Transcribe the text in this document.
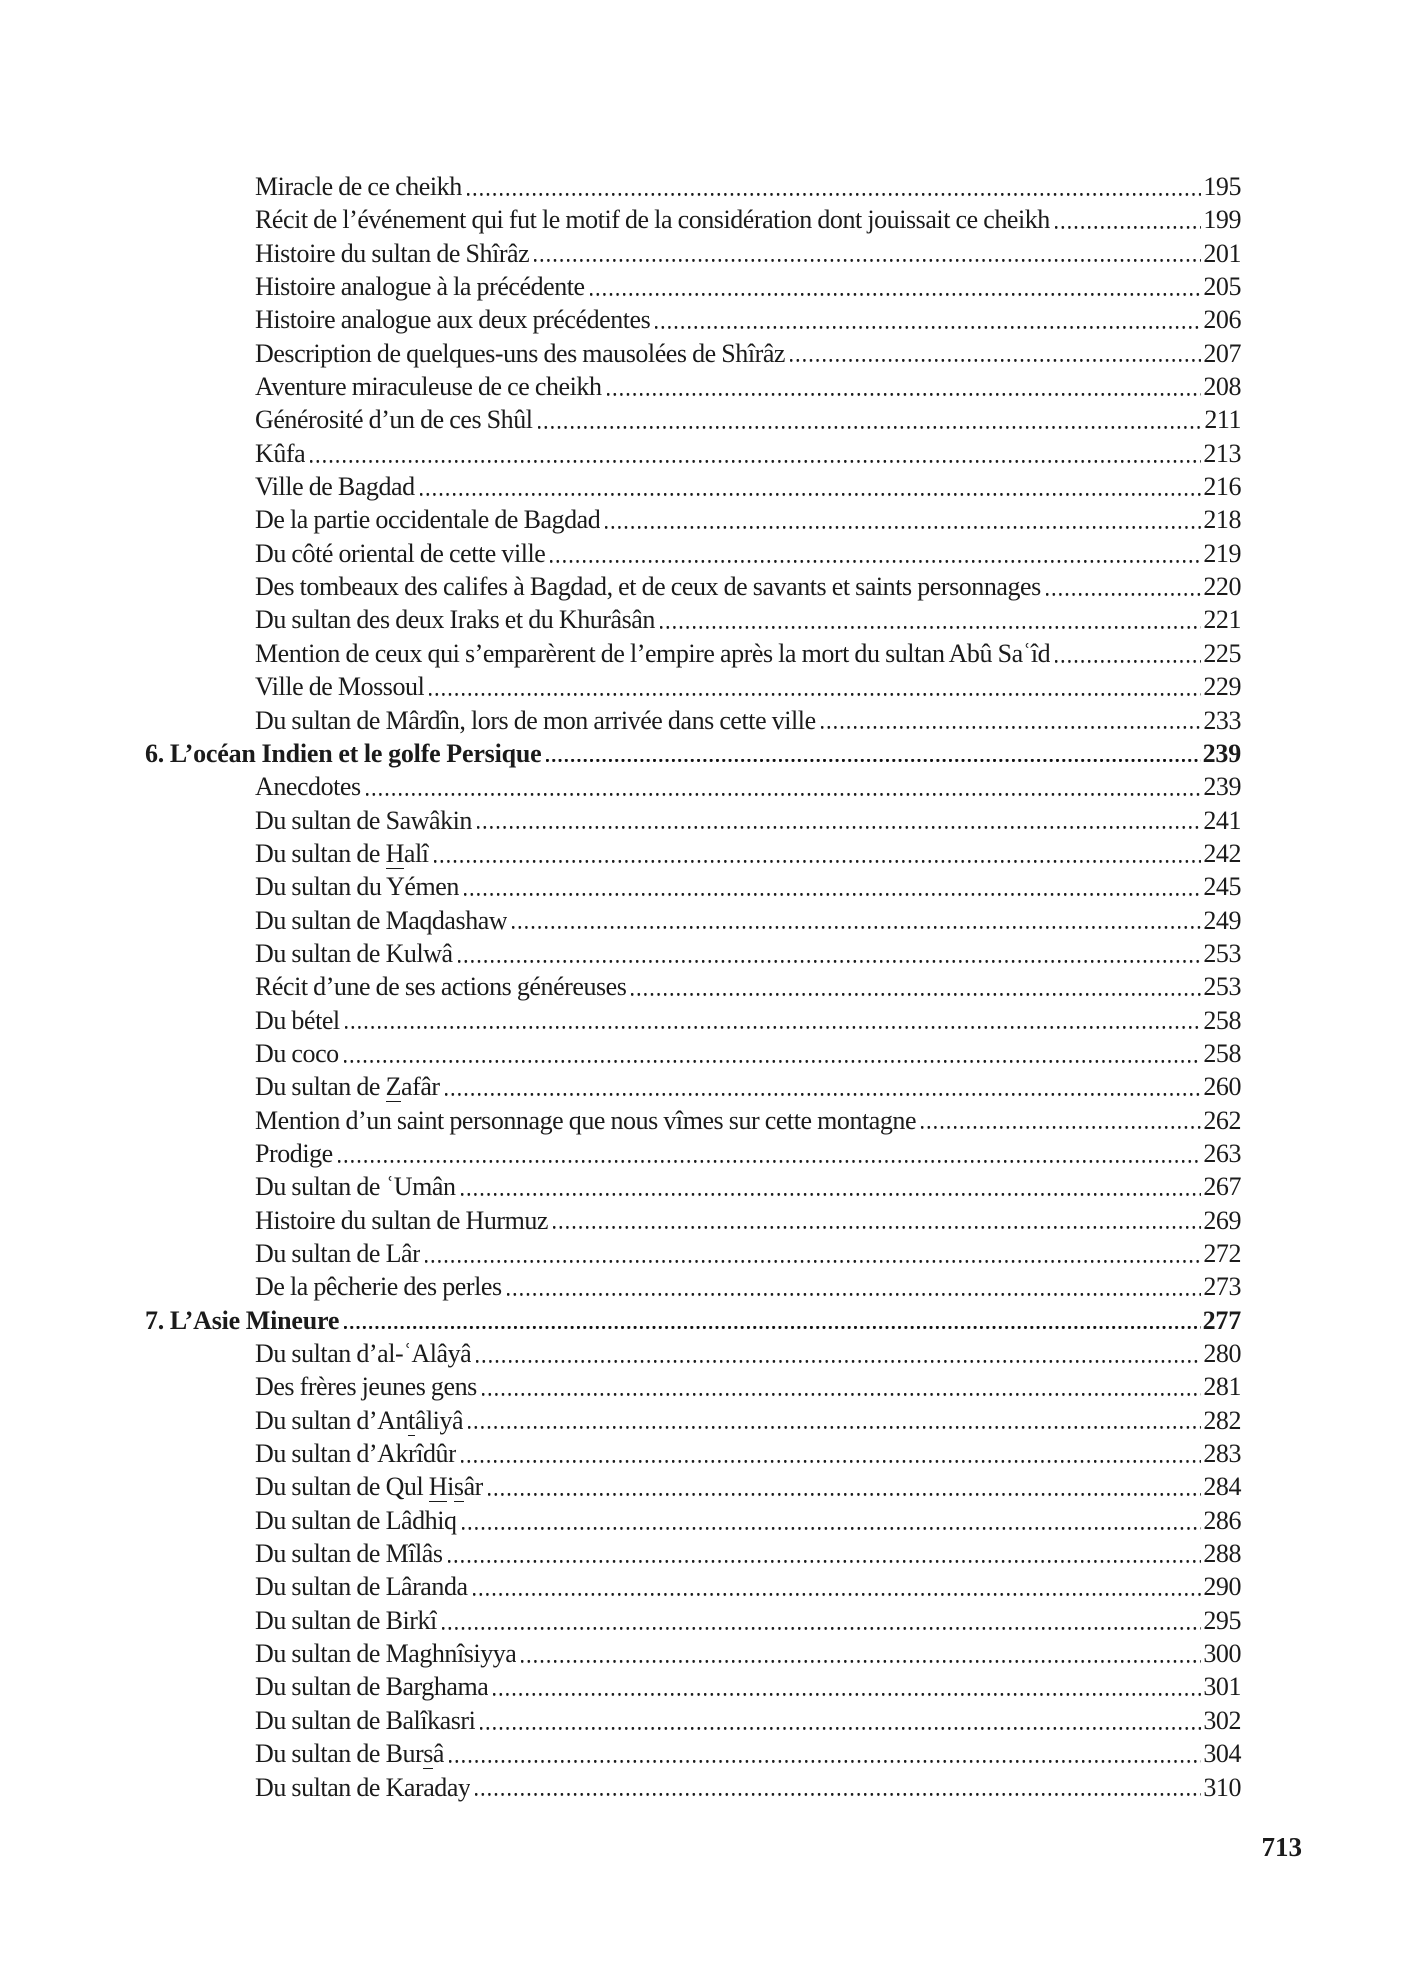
Miracle de ce cheikh	195
Récit de l’événement qui fut le motif de la considération dont jouissait ce cheikh	199
Histoire du sultan de Shîrâz	201
Histoire analogue à la précédente	205
Histoire analogue aux deux précédentes	206
Description de quelques-uns des mausolées de Shîrâz	207
Aventure miraculeuse de ce cheikh	208
Générosité d’un de ces Shûl	211
Kûfa	213
Ville de Bagdad	216
De la partie occidentale de Bagdad	218
Du côté oriental de cette ville	219
Des tombeaux des califes à Bagdad, et de ceux de savants et saints personnages	220
Du sultan des deux Iraks et du Khurâsân	221
Mention de ceux qui s’emparèrent de l’empire après la mort du sultan Abû Saʿîd	225
Ville de Mossoul	229
Du sultan de Mârdîn, lors de mon arrivée dans cette ville	233
6. L’océan Indien et le golfe Persique	239
Anecdotes	239
Du sultan de Sawâkin	241
Du sultan de Halî	242
Du sultan du Yémen	245
Du sultan de Maqdashaw	249
Du sultan de Kulwâ	253
Récit d’une de ses actions généreuses	253
Du bétel	258
Du coco	258
Du sultan de Zafâr	260
Mention d’un saint personnage que nous vîmes sur cette montagne	262
Prodige	263
Du sultan de ʿUmân	267
Histoire du sultan de Hurmuz	269
Du sultan de Lâr	272
De la pêcherie des perles	273
7. L’Asie Mineure	277
Du sultan d’al-ʿAlâyâ	280
Des frères jeunes gens	281
Du sultan d’Antâliyâ	282
Du sultan d’Akrîdûr	283
Du sultan de Qul Hisâr	284
Du sultan de Lâdhiq	286
Du sultan de Mîlâs	288
Du sultan de Lâranda	290
Du sultan de Birkî	295
Du sultan de Maghnîsiyya	300
Du sultan de Barghama	301
Du sultan de Balîkasri	302
Du sultan de Bursâ	304
Du sultan de Karaday	310
713
